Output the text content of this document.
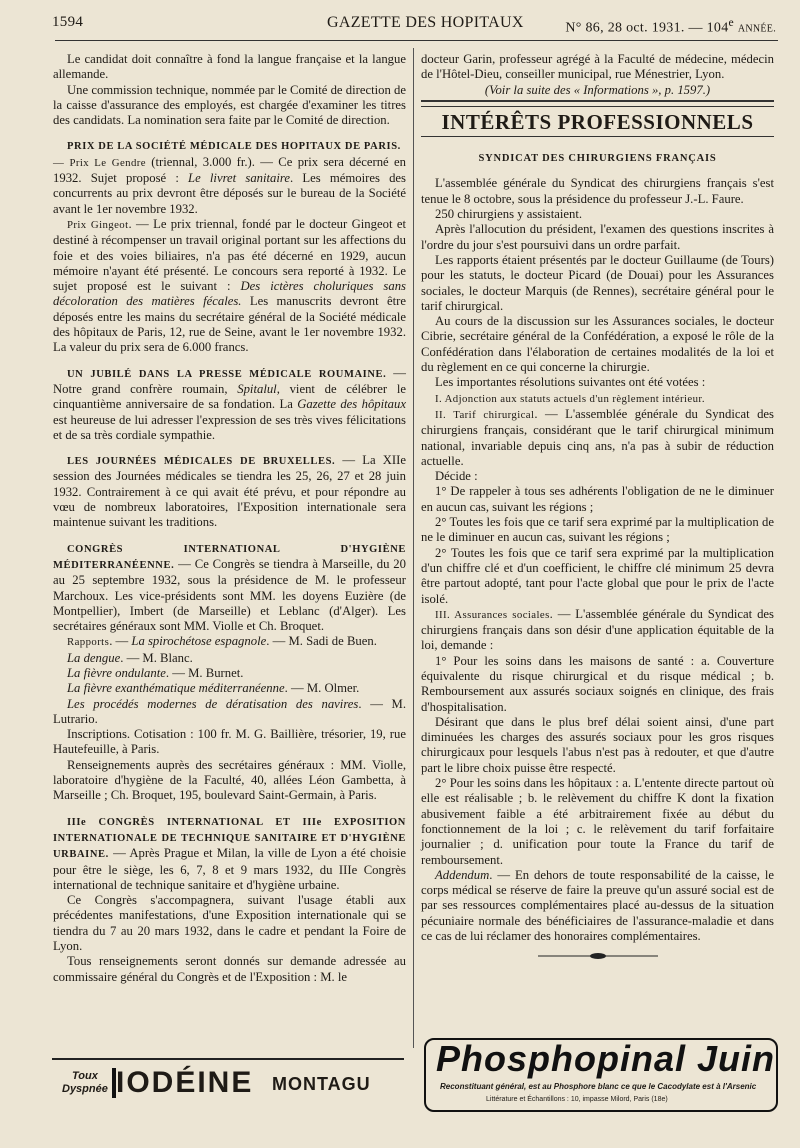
1594	GAZETTE DES HOPITAUX	N° 86, 28 oct. 1931. — 104e ANNÉE.

Le candidat doit connaître à fond la langue française et la langue allemande.

Une commission technique, nommée par le Comité de direction de la caisse d'assurance des employés, est chargée d'examiner les titres des candidats. La nomination sera faite par le Comité de direction.

PRIX DE LA SOCIÉTÉ MÉDICALE DES HOPITAUX DE PARIS.

— Prix Le Gendre (triennal, 3.000 fr.). — Ce prix sera décerné en 1932. Sujet proposé : Le livret sanitaire. Les mémoires des concurrents au prix devront être déposés sur le bureau de la Société avant le 1er novembre 1932.

Prix Gingeot. — Le prix triennal, fondé par le docteur Gingeot et destiné à récompenser un travail original portant sur les affections du foie et des voies biliaires, n'a pas été décerné en 1929, aucun mémoire n'ayant été présenté. Le concours sera reporté à 1932. Le sujet proposé est le suivant : Des ictères choluriques sans décoloration des matières fécales. Les manuscrits devront être déposés entre les mains du secrétaire général de la Société médicale des hôpitaux de Paris, 12, rue de Seine, avant le 1er novembre 1932. La valeur du prix sera de 6.000 francs.

UN JUBILÉ DANS LA PRESSE MÉDICALE ROUMAINE. — Notre grand confrère roumain, Spitalul, vient de célébrer le cinquantième anniversaire de sa fondation. La Gazette des hôpitaux est heureuse de lui adresser l'expression de ses très vives félicitations et de sa très cordiale sympathie.

LES JOURNÉES MÉDICALES DE BRUXELLES. — La XIIe session des Journées médicales se tiendra les 25, 26, 27 et 28 juin 1932. Contrairement à ce qui avait été prévu, et pour répondre au vœu de nombreux laboratoires, l'Exposition internationale sera maintenue suivant les traditions.

CONGRÈS INTERNATIONAL D'HYGIÈNE MÉDITERRANÉENNE. — Ce Congrès se tiendra à Marseille, du 20 au 25 septembre 1932, sous la présidence de M. le professeur Marchoux. Les vice-présidents sont MM. les doyens Euzière (de Montpellier), Imbert (de Marseille) et Leblanc (d'Alger). Les secrétaires généraux sont MM. Violle et Ch. Broquet.

Rapports. — La spirochétose espagnole. — M. Sadi de Buen.

La dengue. — M. Blanc.

La fièvre ondulante. — M. Burnet.

La fièvre exanthématique méditerranéenne. — M. Olmer.

Les procédés modernes de dératisation des navires. — M. Lutrario.

Inscriptions. Cotisation : 100 fr. M. G. Baillière, trésorier, 19, rue Hautefeuille, à Paris.

Renseignements auprès des secrétaires généraux : MM. Violle, laboratoire d'hygiène de la Faculté, 40, allées Léon Gambetta, à Marseille ; Ch. Broquet, 195, boulevard Saint-Germain, à Paris.

IIIe CONGRÈS INTERNATIONAL ET IIIe EXPOSITION INTERNATIONALE DE TECHNIQUE SANITAIRE ET D'HYGIÈNE URBAINE. — Après Prague et Milan, la ville de Lyon a été choisie pour être le siège, les 6, 7, 8 et 9 mars 1932, du IIIe Congrès international de technique sanitaire et d'hygiène urbaine.

Ce Congrès s'accompagnera, suivant l'usage établi aux précédentes manifestations, d'une Exposition internationale qui se tiendra du 7 au 20 mars 1932, dans le cadre et pendant la Foire de Lyon.

Tous renseignements seront donnés sur demande adressée au commissaire général du Congrès et de l'Exposition : M. le

docteur Garin, professeur agrégé à la Faculté de médecine, médecin de l'Hôtel-Dieu, conseiller municipal, rue Ménestrier, Lyon.

(Voir la suite des « Informations », p. 1597.)

INTÉRÊTS PROFESSIONNELS
SYNDICAT DES CHIRURGIENS FRANÇAIS

L'assemblée générale du Syndicat des chirurgiens français s'est tenue le 8 octobre, sous la présidence du professeur J.-L. Faure.

250 chirurgiens y assistaient.

Après l'allocution du président, l'examen des questions inscrites à l'ordre du jour s'est poursuivi dans un ordre parfait.

Les rapports étaient présentés par le docteur Guillaume (de Tours) pour les statuts, le docteur Picard (de Douai) pour les Assurances sociales, le docteur Marquis (de Rennes), secrétaire général pour le tarif chirurgical.

Au cours de la discussion sur les Assurances sociales, le docteur Cibrie, secrétaire général de la Confédération, a exposé le rôle de la Confédération dans l'élaboration de certaines modalités de la loi et du règlement en ce qui concerne la chirurgie.

Les importantes résolutions suivantes ont été votées :

I. Adjonction aux statuts actuels d'un règlement intérieur.

II. Tarif chirurgical. — L'assemblée générale du Syndicat des chirurgiens français, considérant que le tarif chirurgical minimum national, invariable depuis cinq ans, n'a pas à subir de réduction actuelle.

Décide :

1° De rappeler à tous ses adhérents l'obligation de ne le diminuer en aucun cas, suivant les régions ;

2° Toutes les fois que ce tarif sera exprimé par la multiplication de ne le diminuer en aucun cas, suivant les régions ;

2° Toutes les fois que ce tarif sera exprimé par la multiplication d'un chiffre clé et d'un coefficient, le chiffre clé minimum 25 devra être partout adopté, tant pour l'acte global que pour le prix de l'acte isolé.

III. Assurances sociales. — L'assemblée générale du Syndicat des chirurgiens français dans son désir d'une application équitable de la loi, demande :

1° Pour les soins dans les maisons de santé : a. Couverture équivalente du risque chirurgical et du risque médical ; b. Remboursement aux assurés sociaux soignés en clinique, des frais d'hospitalisation.

Désirant que dans le plus bref délai soient ainsi, d'une part diminuées les charges des assurés sociaux pour les gros risques chirurgicaux pour lesquels l'abus n'est pas à redouter, et que d'autre part le libre choix puisse être respecté.

2° Pour les soins dans les hôpitaux : a. L'entente directe partout où elle est réalisable ; b. le relèvement du chiffre K dont la fixation abusivement faible a été arbitrairement fixée au début du fonctionnement de la loi ; c. le relèvement du tarif forfaitaire journalier ; d. unification pour toute la France du tarif de remboursement.

Addendum. — En dehors de toute responsabilité de la caisse, le corps médical se réserve de faire la preuve qu'un assuré social est de par ses ressources complémentaires placé au-dessus de la situation pécuniaire normale des bénéficiaires de l'assurance-maladie et dans ce cas de lui réclamer des honoraires complémentaires.

Toux
Dyspnée IODÉINE MONTAGU
Phosphopinal Juin
Reconstituant général, est au Phosphore blanc ce que le Cacodylate est à l'Arsenic
Littérature et Échantillons : 10, impasse Milord, Paris (18e)
